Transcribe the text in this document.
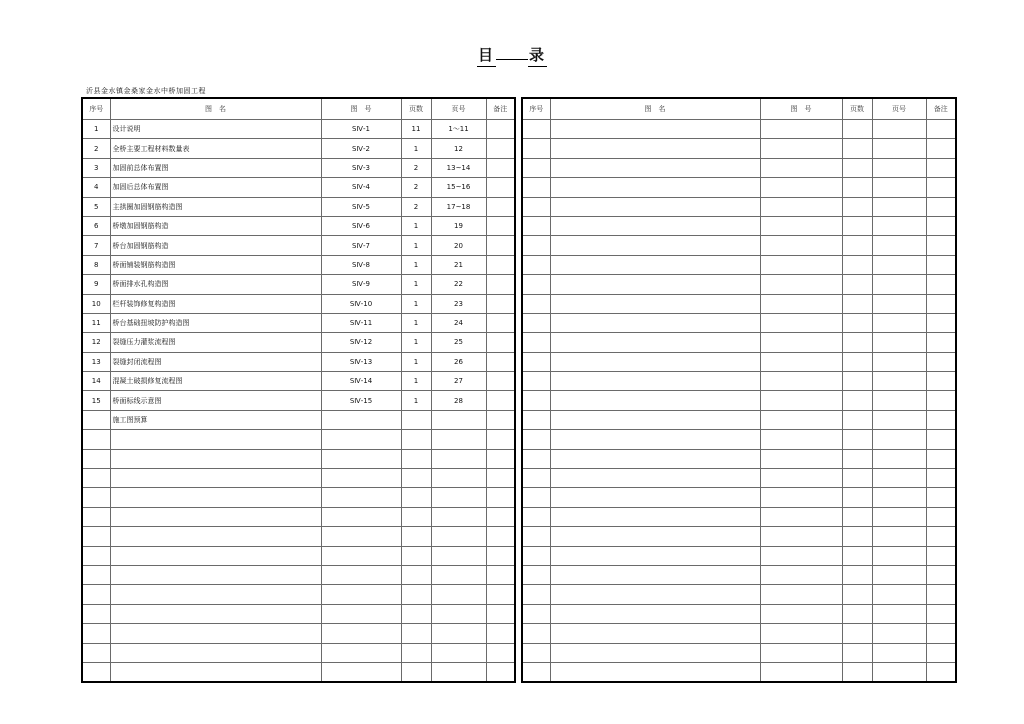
目 录
沂县金水镇金桑家金水中桥加固工程
序号	图　名	图　号	页数	页号	备注
1	设计说明	SⅣ-1	11	1～11	
2	全桥主要工程材料数量表	SⅣ-2	1	12	
3	加固前总体布置图	SⅣ-3	2	13~14	
4	加固后总体布置图	SⅣ-4	2	15~16	
5	主拱圈加固钢筋构造图	SⅣ-5	2	17~18	
6	桥墩加固钢筋构造	SⅣ-6	1	19	
7	桥台加固钢筋构造	SⅣ-7	1	20	
8	桥面铺装钢筋构造图	SⅣ-8	1	21	
9	桥面排水孔构造图	SⅣ-9	1	22	
10	栏杆装饰修复构造图	SⅣ-10	1	23	
11	桥台基础扭坡防护构造图	SⅣ-11	1	24	
12	裂缝压力灌浆流程图	SⅣ-12	1	25	
13	裂缝封闭流程图	SⅣ-13	1	26	
14	混凝土破损修复流程图	SⅣ-14	1	27	
15	桥面标线示意图	SⅣ-15	1	28	
	施工图预算				

序号	图　名	图　号	页数	页号	备注
